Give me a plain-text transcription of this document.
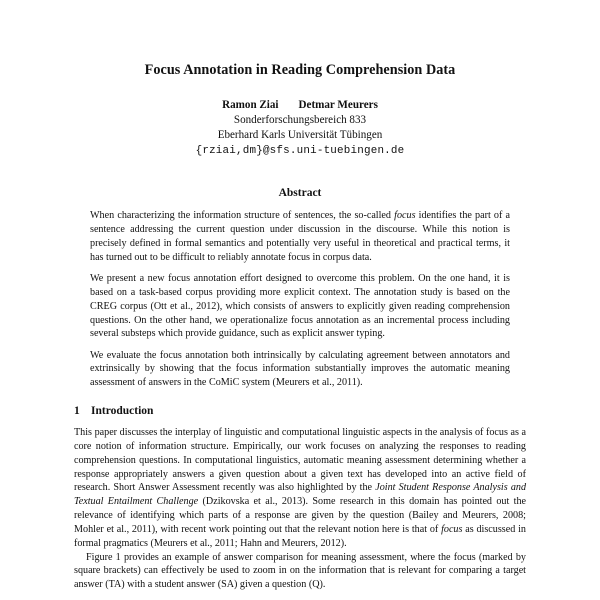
Focus Annotation in Reading Comprehension Data
Ramon Ziai Detmar Meurers
Sonderforschungsbereich 833
Eberhard Karls Universität Tübingen
{rziai,dm}@sfs.uni-tuebingen.de
Abstract

When characterizing the information structure of sentences, the so-called focus identifies the part of a sentence addressing the current question under discussion in the discourse. While this notion is precisely defined in formal semantics and potentially very useful in theoretical and practical terms, it has turned out to be difficult to reliably annotate focus in corpus data.

We present a new focus annotation effort designed to overcome this problem. On the one hand, it is based on a task-based corpus providing more explicit context. The annotation study is based on the CREG corpus (Ott et al., 2012), which consists of answers to explicitly given reading comprehension questions. On the other hand, we operationalize focus annotation as an incremental process including several substeps which provide guidance, such as explicit answer typing.

We evaluate the focus annotation both intrinsically by calculating agreement between annotators and extrinsically by showing that the focus information substantially improves the automatic meaning assessment of answers in the CoMiC system (Meurers et al., 2011).

1 Introduction

This paper discusses the interplay of linguistic and computational linguistic aspects in the analysis of focus as a core notion of information structure. Empirically, our work focuses on analyzing the responses to reading comprehension questions. In computational linguistics, automatic meaning assessment determining whether a response appropriately answers a given question about a given text has developed into an active field of research. Short Answer Assessment recently was also highlighted by the Joint Student Response Analysis and Textual Entailment Challenge (Dzikovska et al., 2013). Some research in this domain has pointed out the relevance of identifying which parts of a response are given by the question (Bailey and Meurers, 2008; Mohler et al., 2011), with recent work pointing out that the relevant notion here is that of focus as discussed in formal pragmatics (Meurers et al., 2011; Hahn and Meurers, 2012).

Figure 1 provides an example of answer comparison for meaning assessment, where the focus (marked by square brackets) can effectively be used to zoom in on the information that is relevant for comparing a target answer (TA) with a student answer (SA) given a question (Q).
